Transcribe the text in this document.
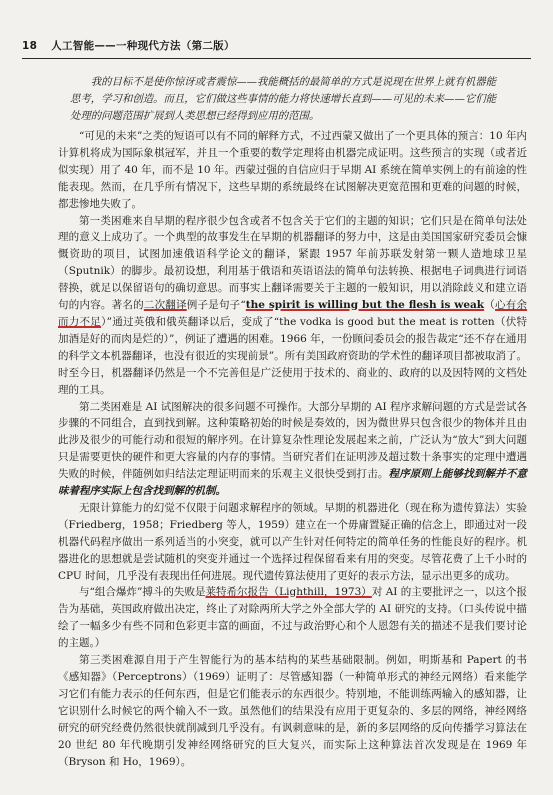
18 人工智能——一种现代方法（第二版）
我的目标不是使你惊讶或者震惊——我能概括的最简单的方式是说现在世界上就有机器能思考，学习和创造。而且，它们做这些事情的能力将快速增长直到——可见的未来——它们能处理的问题范围扩展到人类思想已经得到应用的范围。

“可见的未来”之类的短语可以有不同的解释方式，不过西蒙又做出了一个更具体的预言：10 年内计算机将成为国际象棋冠军，并且一个重要的数学定理将由机器完成证明。这些预言的实现（或者近似实现）用了 40 年，而不是 10 年。西蒙过强的自信应归于早期 AI 系统在简单实例上的有前途的性能表现。然而，在几乎所有情况下，这些早期的系统最终在试图解决更宽范围和更难的问题的时候，都悲惨地失败了。

第一类困难来自早期的程序很少包含或者不包含关于它们的主题的知识；它们只是在简单句法处理的意义上成功了。一个典型的故事发生在早期的机器翻译的努力中，这是由美国国家研究委员会慷慨资助的项目，试图加速俄语科学论文的翻译，紧跟 1957 年前苏联发射第一颗人造地球卫星（Sputnik）的脚步。最初设想，利用基于俄语和英语语法的简单句法转换、根据电子词典进行词语替换，就足以保留语句的确切意思。而事实上翻译需要关于主题的一般知识，用以消除歧义和建立语句的内容。著名的二次翻译例子是句子“the spirit is willing but the flesh is weak（心有余而力不足）”通过英俄和俄英翻译以后，变成了“the vodka is good but the meat is rotten（伏特加酒是好的而肉是烂的）”，例证了遭遇的困难。1966 年，一份顾问委员会的报告裁定“还不存在通用的科学文本机器翻译，也没有很近的实现前景”。所有美国政府资助的学术性的翻译项目都被取消了。时至今日，机器翻译仍然是一个不完善但是广泛使用于技术的、商业的、政府的以及因特网的文档处理的工具。

第二类困难是 AI 试图解决的很多问题不可操作。大部分早期的 AI 程序求解问题的方式是尝试各步骤的不同组合，直到找到解。这种策略初始的时候是奏效的，因为微世界只包含很少的物体并且由此涉及很少的可能行动和很短的解序列。在计算复杂性理论发展起来之前，广泛认为“放大”到大问题只是需要更快的硬件和更大容量的内存的事情。当研究者们在证明涉及超过数十条事实的定理中遭遇失败的时候，伴随例如归结法定理证明而来的乐观主义很快受到打击。程序原则上能够找到解并不意味着程序实际上包含找到解的机制。

无限计算能力的幻觉不仅限于问题求解程序的领域。早期的机器进化（现在称为遗传算法）实验（Friedberg，1958；Friedberg 等人，1959）建立在一个毋庸置疑正确的信念上，即通过对一段机器代码程序做出一系列适当的小突变，就可以产生针对任何特定的简单任务的性能良好的程序。机器进化的思想就是尝试随机的突变并通过一个选择过程保留看来有用的突变。尽管花费了上千小时的 CPU 时间，几乎没有表现出任何进展。现代遗传算法使用了更好的表示方法，显示出更多的成功。

与“组合爆炸”搏斗的失败是莱特希尔报告（Lighthill，1973）对 AI 的主要批评之一，以这个报告为基础，英国政府做出决定，终止了对除两所大学之外全部大学的 AI 研究的支持。（口头传说中描绘了一幅多少有些不同和色彩更丰富的画面，不过与政治野心和个人恩怨有关的描述不是我们要讨论的主题。）

第三类困难源自用于产生智能行为的基本结构的某些基础限制。例如，明斯基和 Papert 的书《感知器》（Perceptrons）（1969）证明了：尽管感知器（一种简单形式的神经元网络）看来能学习它们有能力表示的任何东西，但是它们能表示的东西很少。特别地，不能训练两输入的感知器，让它识别什么时候它的两个输入不一致。虽然他们的结果没有应用于更复杂的、多层的网络，神经网络研究的研究经费仍然很快就削减到几乎没有。有讽刺意味的是，新的多层网络的反向传播学习算法在 20 世纪 80 年代晚期引发神经网络研究的巨大复兴，而实际上这种算法首次发现是在 1969 年（Bryson 和 Ho，1969）。
